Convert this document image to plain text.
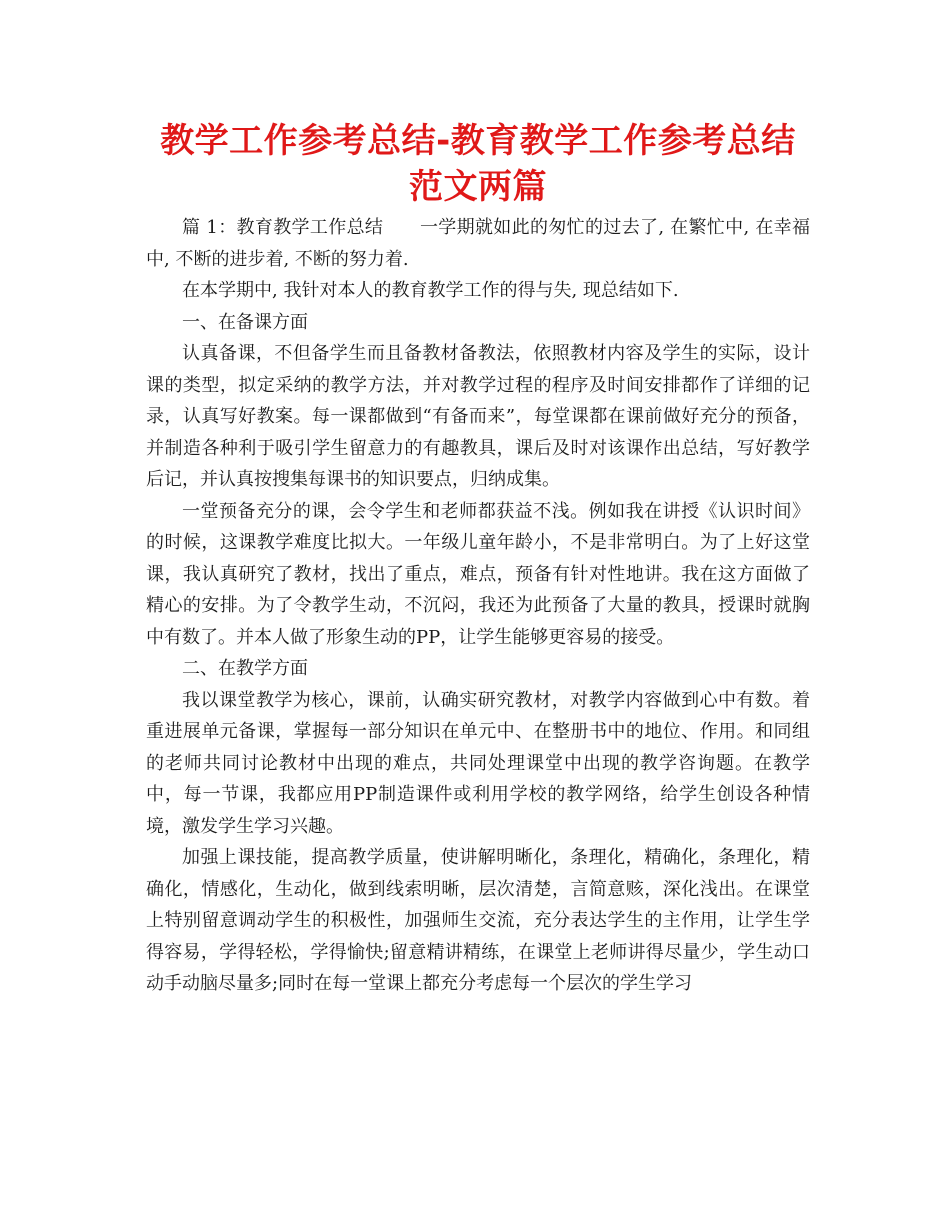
教学工作参考总结-教育教学工作参考总结范文两篇

篇 1：教育教学工作总结　　一学期就如此的匆忙的过去了, 在繁忙中, 在幸福中, 不断的进步着, 不断的努力着.

在本学期中, 我针对本人的教育教学工作的得与失, 现总结如下.

一、在备课方面

认真备课，不但备学生而且备教材备教法，依照教材内容及学生的实际，设计课的类型，拟定采纳的教学方法，并对教学过程的程序及时间安排都作了详细的记录，认真写好教案。每一课都做到“有备而来”，每堂课都在课前做好充分的预备，并制造各种利于吸引学生留意力的有趣教具，课后及时对该课作出总结，写好教学后记，并认真按搜集每课书的知识要点，归纳成集。

一堂预备充分的课，会令学生和老师都获益不浅。例如我在讲授《认识时间》的时候，这课教学难度比拟大。一年级儿童年龄小，不是非常明白。为了上好这堂课，我认真研究了教材，找出了重点，难点，预备有针对性地讲。我在这方面做了精心的安排。为了令教学生动，不沉闷，我还为此预备了大量的教具，授课时就胸中有数了。并本人做了形象生动的PP，让学生能够更容易的接受。

二、在教学方面

我以课堂教学为核心，课前，认确实研究教材，对教学内容做到心中有数。着重进展单元备课，掌握每一部分知识在单元中、在整册书中的地位、作用。和同组的老师共同讨论教材中出现的难点，共同处理课堂中出现的教学咨询题。在教学中，每一节课，我都应用PP制造课件或利用学校的教学网络，给学生创设各种情境，激发学生学习兴趣。

加强上课技能，提高教学质量，使讲解明晰化，条理化，精确化，条理化，精确化，情感化，生动化，做到线索明晰，层次清楚，言简意赅，深化浅出。在课堂上特别留意调动学生的积极性，加强师生交流，充分表达学生的主作用，让学生学得容易，学得轻松，学得愉快;留意精讲精练，在课堂上老师讲得尽量少，学生动口动手动脑尽量多;同时在每一堂课上都充分考虑每一个层次的学生学习
